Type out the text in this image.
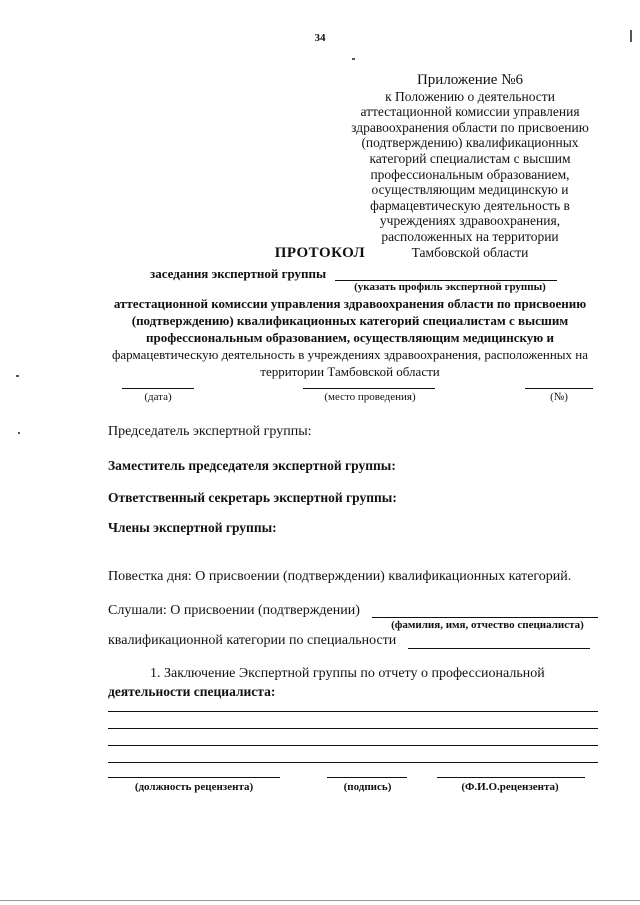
34
Приложение №6
к Положению о деятельности
аттестационной комиссии управления
здравоохранения области по присвоению
(подтверждению) квалификационных
категорий специалистам с высшим
профессиональным образованием,
осуществляющим медицинскую и
фармацевтическую деятельность в
учреждениях здравоохранения,
расположенных на территории
Тамбовской области
ПРОТОКОЛ
заседания экспертной группы
(указать профиль экспертной группы)
аттестационной комиссии управления здравоохранения области по присвоению (подтверждению) квалификационных категорий специалистам с высшим профессиональным образованием, осуществляющим медицинскую и фармацевтическую деятельность в учреждениях здравоохранения, расположенных на территории Тамбовской области
(дата)	(место проведения)	(№)
Председатель экспертной группы:
Заместитель председателя экспертной группы:
Ответственный секретарь экспертной группы:
Члены экспертной группы:
Повестка дня: О присвоении (подтверждении) квалификационных категорий.
Слушали: О присвоении (подтверждении)
(фамилия, имя, отчество специалиста)
квалификационной категории по специальности
1. Заключение Экспертной группы по отчету о профессиональной
деятельности специалиста:
(должность рецензента)	(подпись)	(Ф.И.О.рецензента)
